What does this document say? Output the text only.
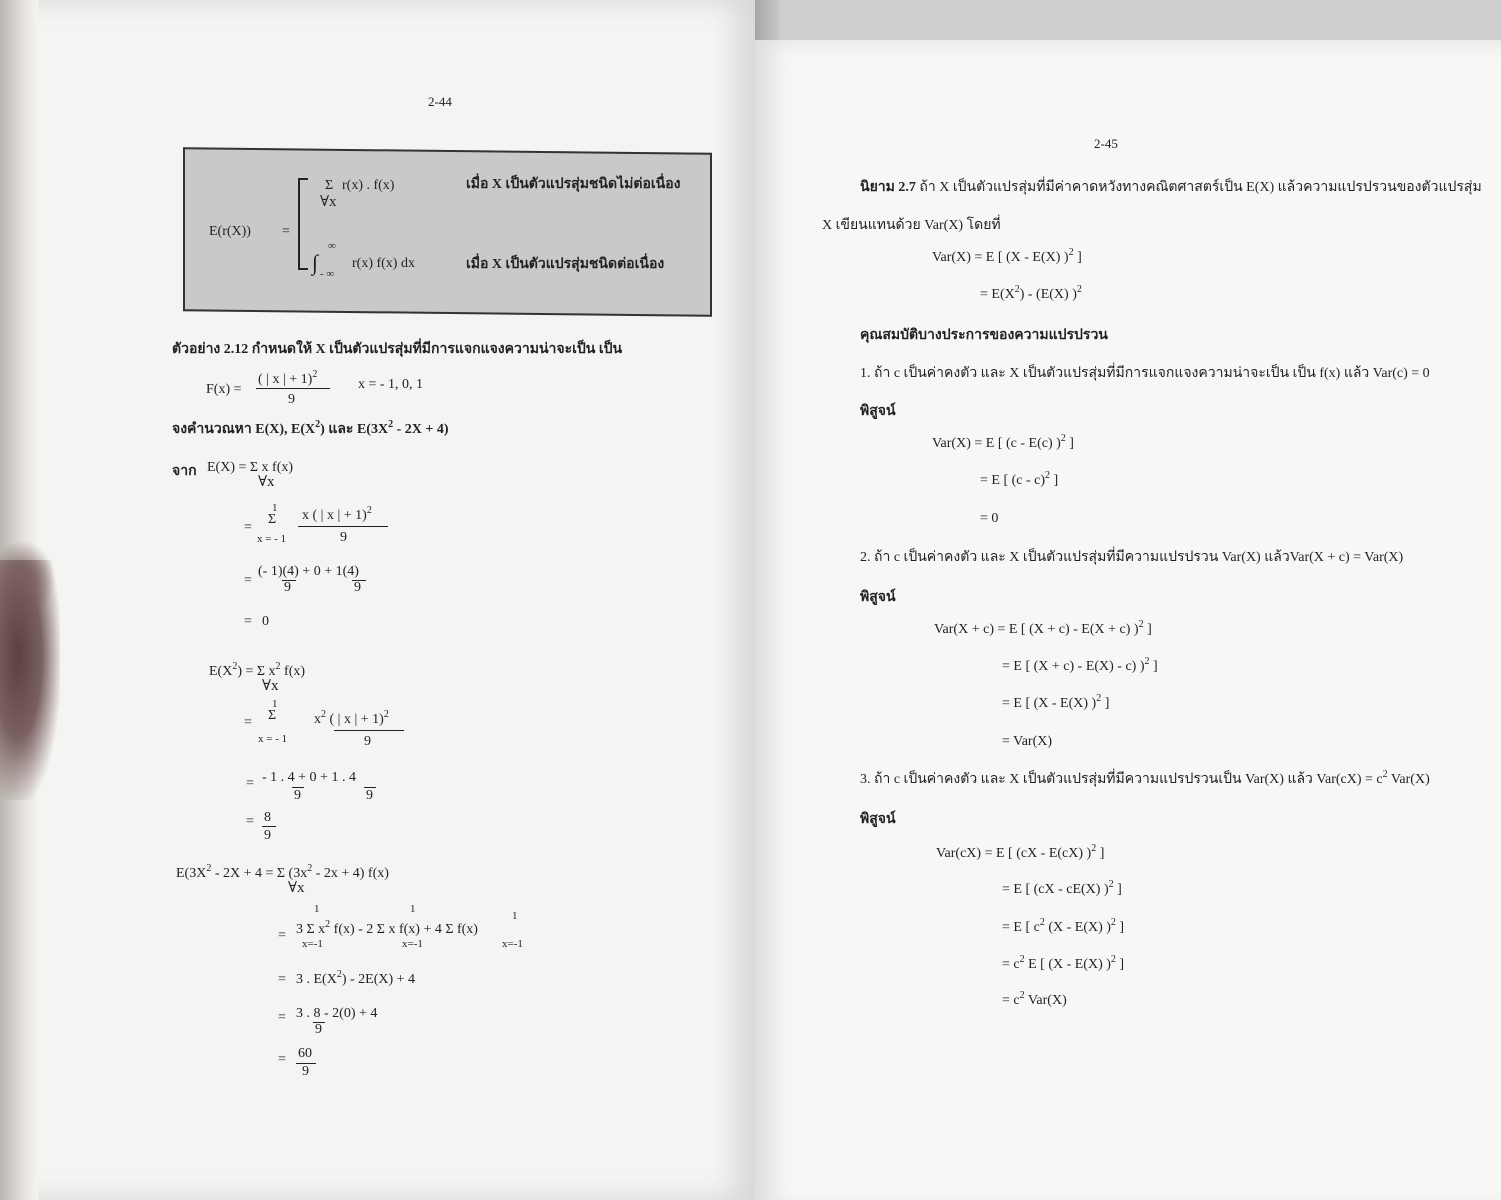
2-44
E(r(X)) =
Σ r(x) . f(x)
∀x
เมื่อ X เป็นตัวแปรสุ่มชนิดไม่ต่อเนื่อง
∞
∫ - ∞
r(x) f(x) dx	เมื่อ X เป็นตัวแปรสุ่มชนิดต่อเนื่อง
ตัวอย่าง 2.12 กำหนดให้ X เป็นตัวแปรสุ่มที่มีการแจกแจงความน่าจะเป็น เป็น
F(x) =
( | x | + 1)$^2$
9
x = - 1, 0, 1
จงคำนวณหา E(X), $E(X^2)$ และ $E(3X^2 - 2X + 4)$
จาก E(X) = Σ x f(x)
∀x
=
1
Σ
x = - 1
x ( | x | + 1)$^2$
9
=
(- 1)(4) + 0 + 1(4)
9	9
= 0
$E(X^2) = \Sigma$ $x^2$ f(x)
∀x
=
1
Σ
x = - 1
$x^2$ ( | x | + 1)$^2$
9
= - 1 . 4 + 0 + 1 . 4
9	9
= 8
9
$E(3X^2 - 2X + 4 = \Sigma$ $(3x^2 - 2x + 4)$ f(x)
∀x
=
1	1
1
3 Σ $x^2$ f(x) - 2 Σ x f(x) + 4 Σ f(x)
x=-1	x=-1	x=-1
= 3 . $E(X^2) - 2E(X) + 4$
= 3 . 8 - 2(0) + 4
9
= 60
9
2-45
นิยาม 2.7 ถ้า X เป็นตัวแปรสุ่มที่มีค่าคาดหวังทางคณิตศาสตร์เป็น E(X) แล้วความแปรปรวนของตัวแปรสุ่ม
X เขียนแทนด้วย Var(X) โดยที่
Var(X) = E [ (X - E(X) )$^2$ ]
= $E(X^2) - (E(X)$ )$^2$
คุณสมบัติบางประการของความแปรปรวน
1. ถ้า c เป็นค่าคงตัว และ X เป็นตัวแปรสุ่มที่มีการแจกแจงความน่าจะเป็น เป็น f(x) แล้ว Var(c) = 0
พิสูจน์
Var(X) = E [ (c - E(c) )$^2$ ]
= E [ (c - c)$^2$ ]
= 0
2. ถ้า c เป็นค่าคงตัว และ X เป็นตัวแปรสุ่มที่มีความแปรปรวน Var(X) แล้วVar(X + c) = Var(X)
พิสูจน์
Var(X + c) = E [ (X + c) - E(X + c) )$^2$ ]
= E [ (X + c) - E(X) - c) )$^2$ ]
= E [ (X - E(X) )$^2$ ]
= Var(X)
3. ถ้า c เป็นค่าคงตัว และ X เป็นตัวแปรสุ่มที่มีความแปรปรวนเป็น Var(X) แล้ว $Var(cX) = c^2$ Var(X)
พิสูจน์
Var(cX) = E [ (cX - E(cX) )$^2$ ]
= E [ (cX - cE(X) )$^2$ ]
= E [ $c^2$ (X - E(X) )$^2$ ]
= $c^2$ E [ (X - E(X) )$^2$ ]
= $c^2$ Var(X)
